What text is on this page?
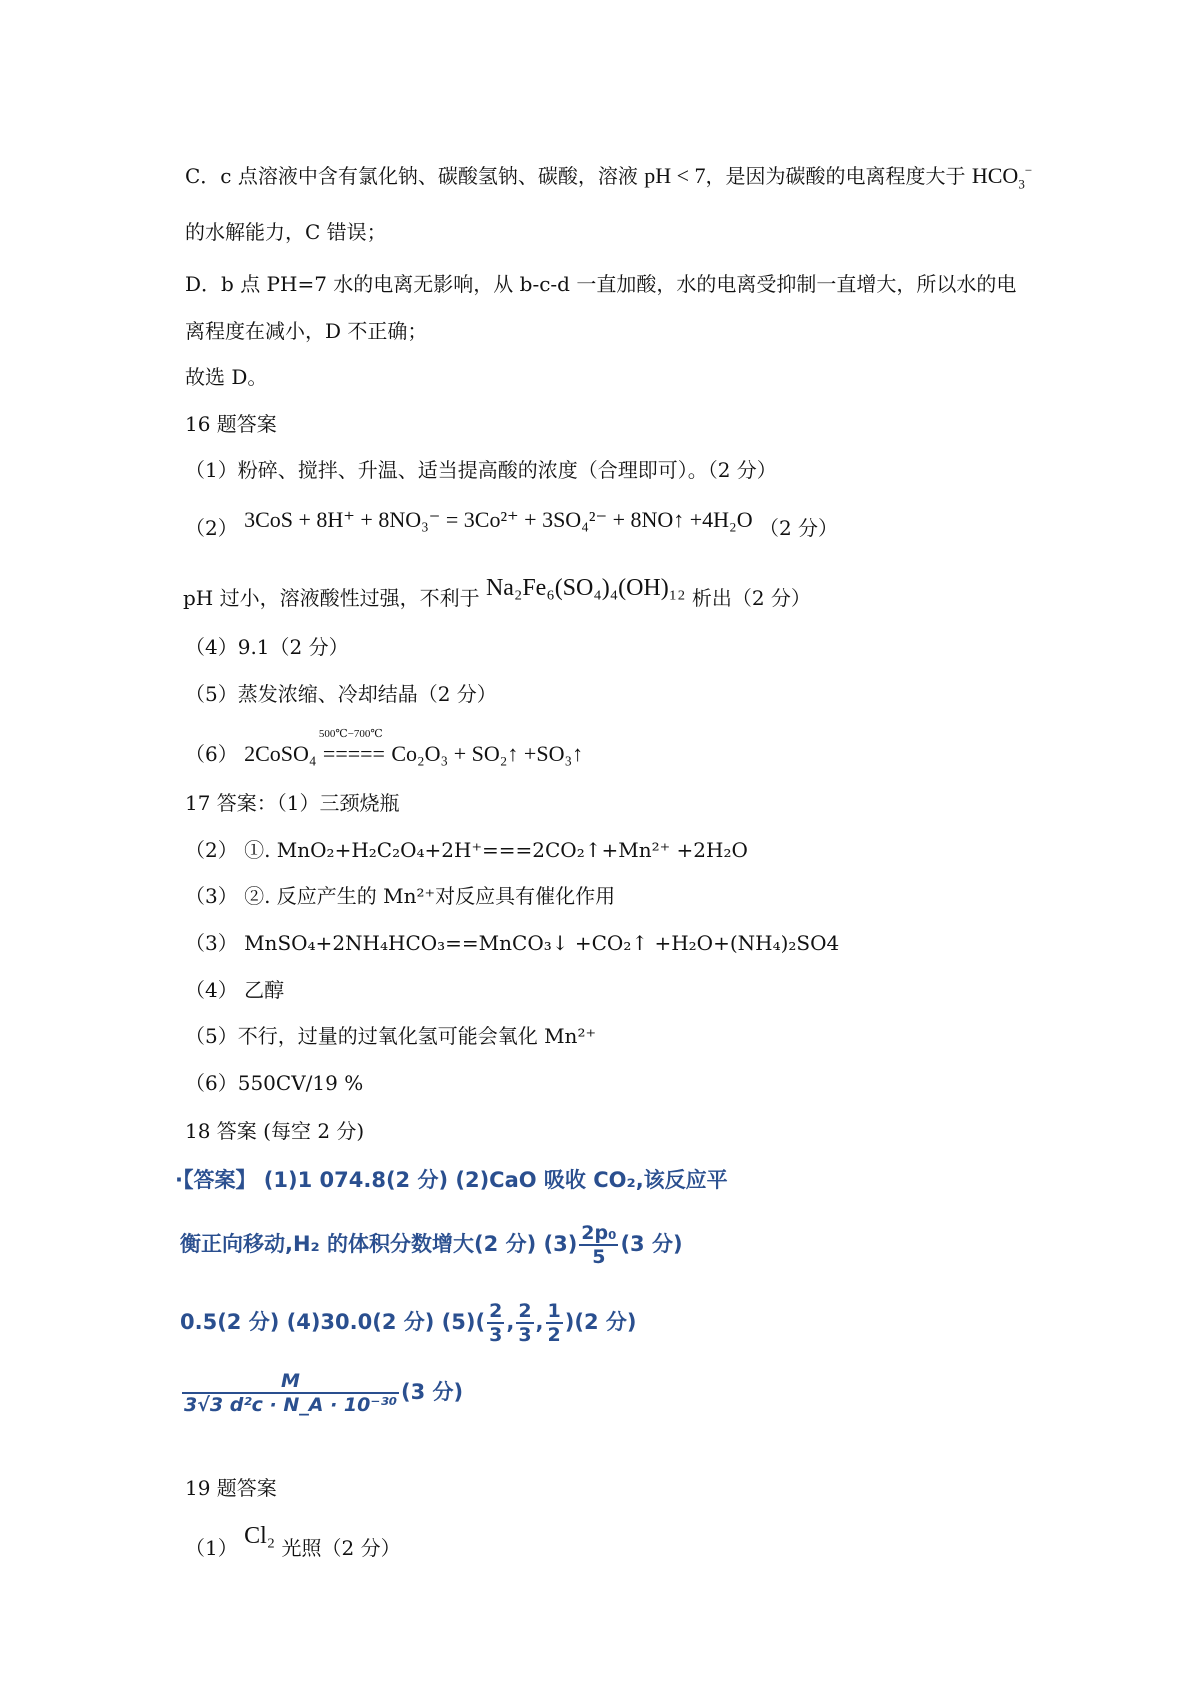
C．c 点溶液中含有氯化钠、碳酸氢钠、碳酸，溶液 pH < 7，是因为碳酸的电离程度大于 $HCO_3^-$
的水解能力，C 错误；
D．b 点 PH=7 水的电离无影响，从 b-c-d 一直加酸，水的电离受抑制一直增大，所以水的电
离程度在减小，D 不正确；
故选 D。
16 题答案
（1）粉碎、搅拌、升温、适当提高酸的浓度（合理即可）。（2 分）
（2） 3CoS + 8H⁺ + 8NO₃⁻ = 3Co²⁺ + 3SO₄²⁻ + 8NO↑ +4H₂O （2 分）
pH 过小，溶液酸性过强，不利于 Na₂Fe₆(SO₄)₄(OH)₁₂ 析出（2 分）
（4）9.1（2 分）
（5）蒸发浓缩、冷却结晶（2 分）
（6） 2CoSO₄
500℃−700℃
===== Co₂O₃ + SO₂↑ +SO₃↑
17 答案：（1）三颈烧瓶
（2） ①. MnO₂+H₂C₂O₄+2H⁺===2CO₂↑+Mn²⁺ +2H₂O
（3） ②. 反应产生的 Mn²⁺对反应具有催化作用
（3） MnSO₄+2NH₄HCO₃==MnCO₃↓ +CO₂↑ +H₂O+(NH₄)₂SO4
（4） 乙醇
（5）不行，过量的过氧化氢可能会氧化 Mn²⁺
（6）550CV/19 %
18 答案 (每空 2 分)
·【答案】 (1)1 074.8(2 分) (2)CaO 吸收 CO₂,该反应平
衡正向移动,H₂ 的体积分数增大(2 分) $(3) \frac{\text{2p₀}}{5} (3$ 分)
0.5(2 分) (4)30.0(2 分) $(5)( \frac{2}{3}$ , $\frac{2}{3}$ , $\frac{1}{2} )(2$ 分)
$\frac{M}{\text{3√3 d²c · N\_A · 10⁻³⁰}} (3$ 分)
19 题答案
（1） Cl₂ 光照（2 分）
